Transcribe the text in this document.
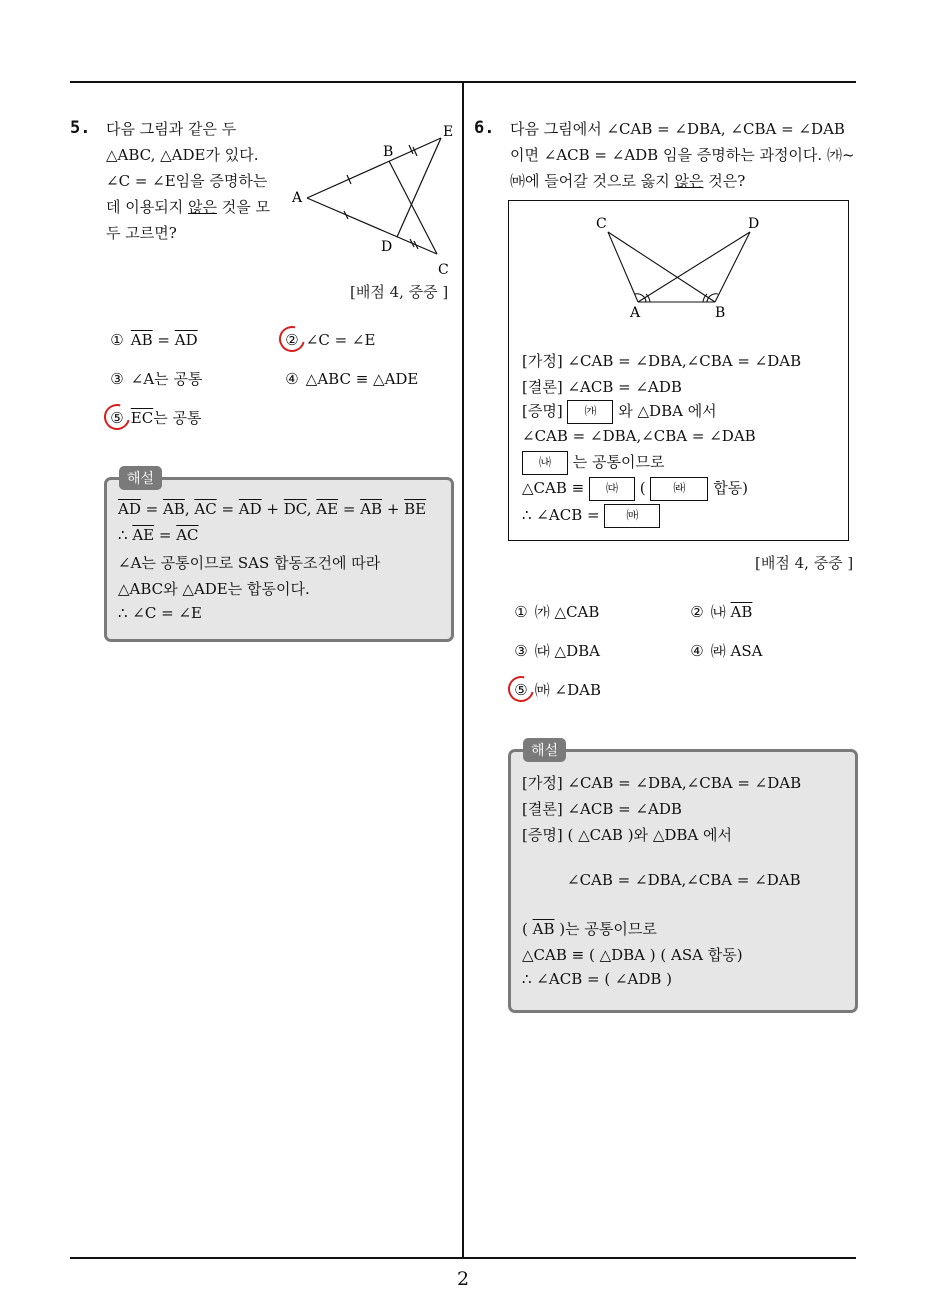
2
5. 다음 그림과 같은 두
△ABC, △ADE가 있다.
∠C = ∠E임을 증명하는
데 이용되지 않은 것을 모
두 고르면?
A
B
C
D
E
[배점 4, 중중 ]
① $\overline{AB} = \overline{AD}$	② ∠C = ∠E
③ ∠A는 공통	④ △ABC ≡ △ADE
⑤ $\overline{EC}$는 공통
해설
$\overline{AD} = \overline{AB}$, $\overline{AC} = \overline{AD} + \overline{DC}$, $\overline{AE} = \overline{AB} + \overline{BE}$
∴ $\overline{AE} = \overline{AC}$
∠A는 공통이므로 SAS 합동조건에 따라
△ABC와 △ADE는 합동이다.
∴ ∠C = ∠E
6. 다음 그림에서 ∠CAB = ∠DBA, ∠CBA = ∠DAB
이면 ∠ACB = ∠ADB 임을 증명하는 과정이다. ㈎~
㈒에 들어갈 것으로 옳지 않은 것은?
C	D
A	B
[가정] ∠CAB = ∠DBA,∠CBA = ∠DAB
[결론] ∠ACB = ∠ADB
[증명] ㈎ 와 △DBA 에서
∠CAB = ∠DBA,∠CBA = ∠DAB
㈏ 는 공통이므로
△CAB ≡ ㈐ ( ㈑ 합동)
∴ ∠ACB = ㈒
[배점 4, 중중 ]
① ㈎ △CAB	② ㈏ $\overline{AB}$
③ ㈐ △DBA	④ ㈑ ASA
⑤ ㈒ ∠DAB
해설
[가정] ∠CAB = ∠DBA,∠CBA = ∠DAB
[결론] ∠ACB = ∠ADB
[증명] ( △CAB )와 △DBA 에서
∠CAB = ∠DBA,∠CBA = ∠DAB
( $\overline{AB}$ )는 공통이므로
△CAB ≡ ( △DBA ) ( ASA 합동)
∴ ∠ACB = ( ∠ADB )
